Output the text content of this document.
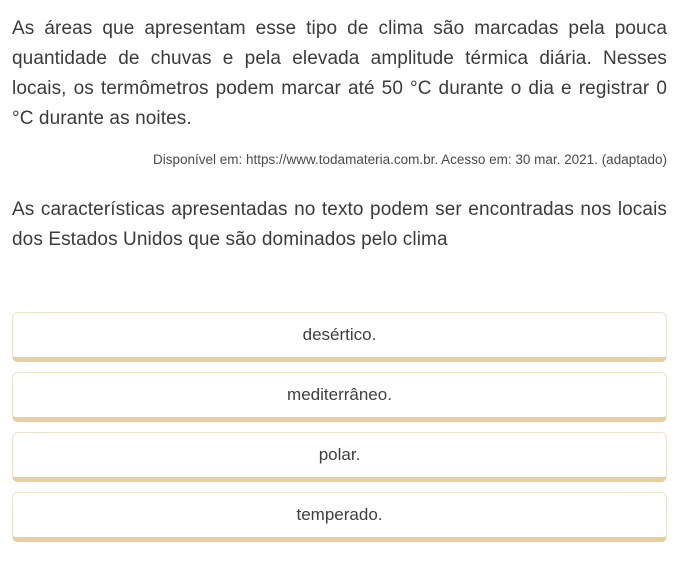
As áreas que apresentam esse tipo de clima são marcadas pela pouca quantidade de chuvas e pela elevada amplitude térmica diária. Nesses locais, os termômetros podem marcar até 50 °C durante o dia e registrar 0 °C durante as noites.

Disponível em: https://www.todamateria.com.br. Acesso em: 30 mar. 2021. (adaptado)

As características apresentadas no texto podem ser encontradas nos locais dos Estados Unidos que são dominados pelo clima

desértico.
mediterrâneo.
polar.
temperado.
